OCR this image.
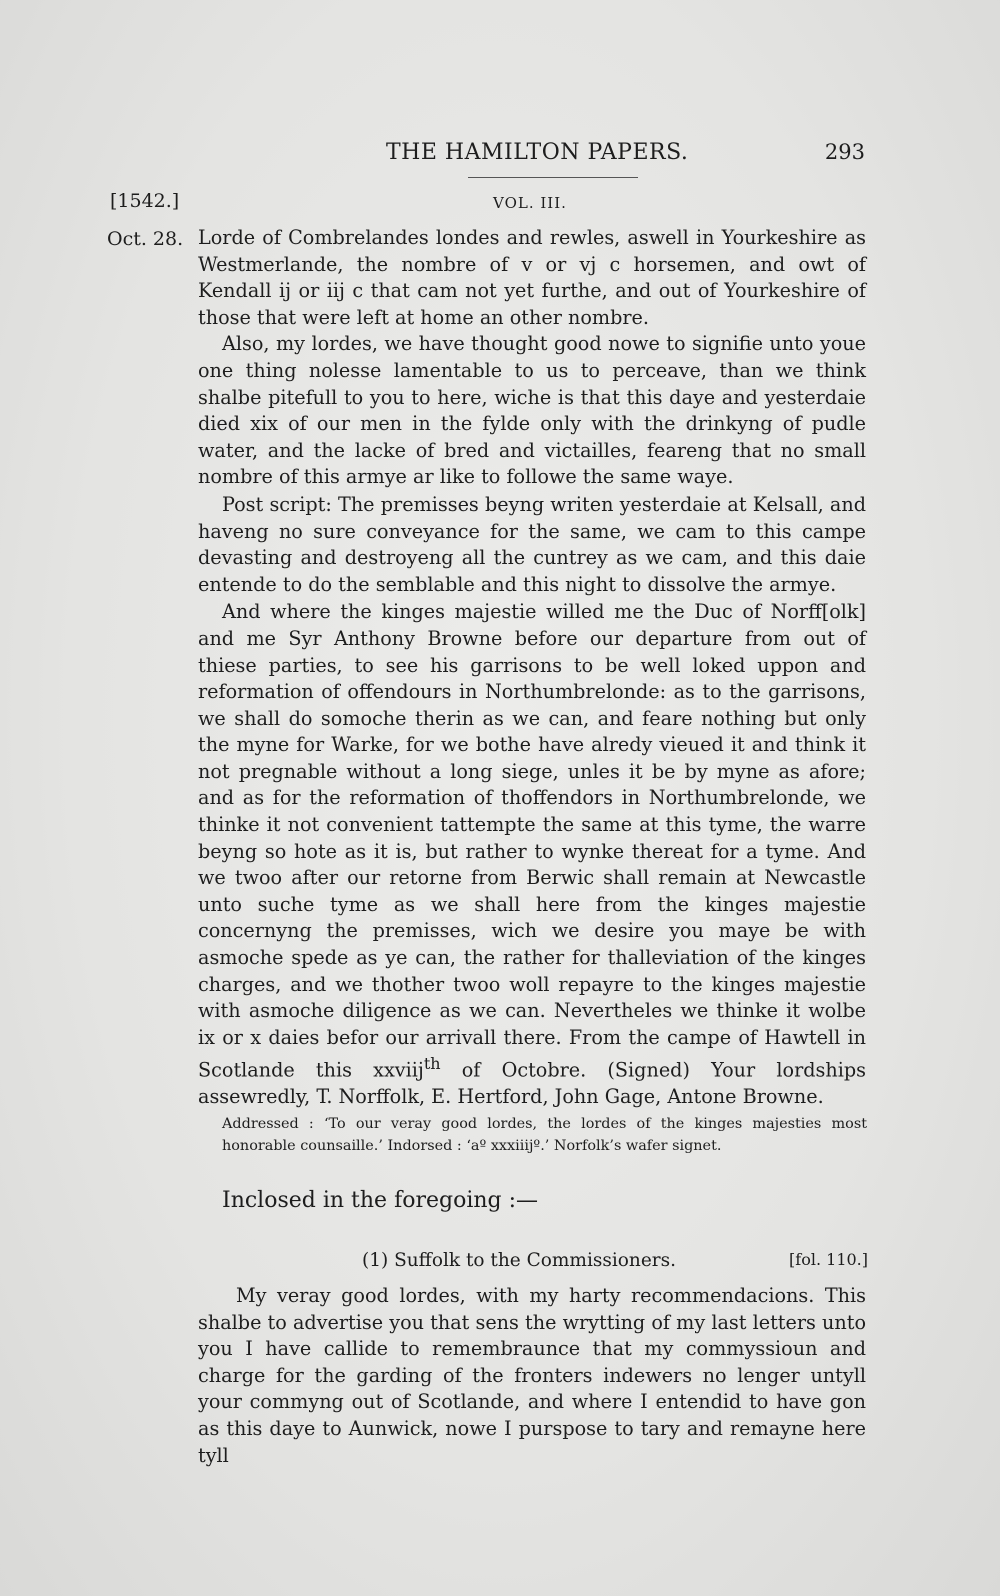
THE HAMILTON PAPERS.	293
[1542.]	VOL. III.
Oct. 28. Lorde of Combrelandes londes and rewles, aswell in Yourkeshire as Westmerlande, the nombre of v or vj c horsemen, and owt of Kendall ij or iij c that cam not yet furthe, and out of Yourkeshire of those that were left at home an other nombre.

Also, my lordes, we have thought good nowe to signifie unto youe one thing nolesse lamentable to us to perceave, than we think shalbe pitefull to you to here, wiche is that this daye and yesterdaie died xix of our men in the fylde only with the drinkyng of pudle water, and the lacke of bred and victailles, feareng that no small nombre of this armye ar like to followe the same waye.

Post script: The premisses beyng writen yesterdaie at Kelsall, and haveng no sure conveyance for the same, we cam to this campe devasting and destroyeng all the cuntrey as we cam, and this daie entende to do the semblable and this night to dissolve the armye.

And where the kinges majestie willed me the Duc of Norff[olk] and me Syr Anthony Browne before our departure from out of thiese parties, to see his garrisons to be well loked uppon and reformation of offendours in Northumbrelonde: as to the garrisons, we shall do somoche therin as we can, and feare nothing but only the myne for Warke, for we bothe have alredy vieued it and think it not pregnable without a long siege, unles it be by myne as afore; and as for the reformation of thoffendors in Northumbrelonde, we thinke it not convenient tattempte the same at this tyme, the warre beyng so hote as it is, but rather to wynke thereat for a tyme. And we twoo after our retorne from Berwic shall remain at Newcastle unto suche tyme as we shall here from the kinges majestie concernyng the premisses, wich we desire you maye be with asmoche spede as ye can, the rather for thalleviation of the kinges charges, and we thother twoo woll repayre to the kinges majestie with asmoche diligence as we can. Nevertheles we thinke it wolbe ix or x daies befor our arrivall there. From the campe of Hawtell in Scotlande this xxviij$^{th}$ of Octobre. (Signed) Your lordships assewredly, T. Norffolk, E. Hertford, John Gage, Antone Browne.

Addressed : ‘To our veray good lordes, the lordes of the kinges majesties most honorable counsaille.’ Indorsed : ‘aº xxxiiijº.’ Norfolk’s wafer signet.
Inclosed in the foregoing :—
(1) Suffolk to the Commissioners.	[fol. 110.]

My veray good lordes, with my harty recommendacions. This shalbe to advertise you that sens the wrytting of my last letters unto you I have callide to remembraunce that my commyssioun and charge for the garding of the fronters indewers no lenger untyll your commyng out of Scotlande, and where I entendid to have gon as this daye to Aunwick, nowe I purspose to tary and remayne here tyll
